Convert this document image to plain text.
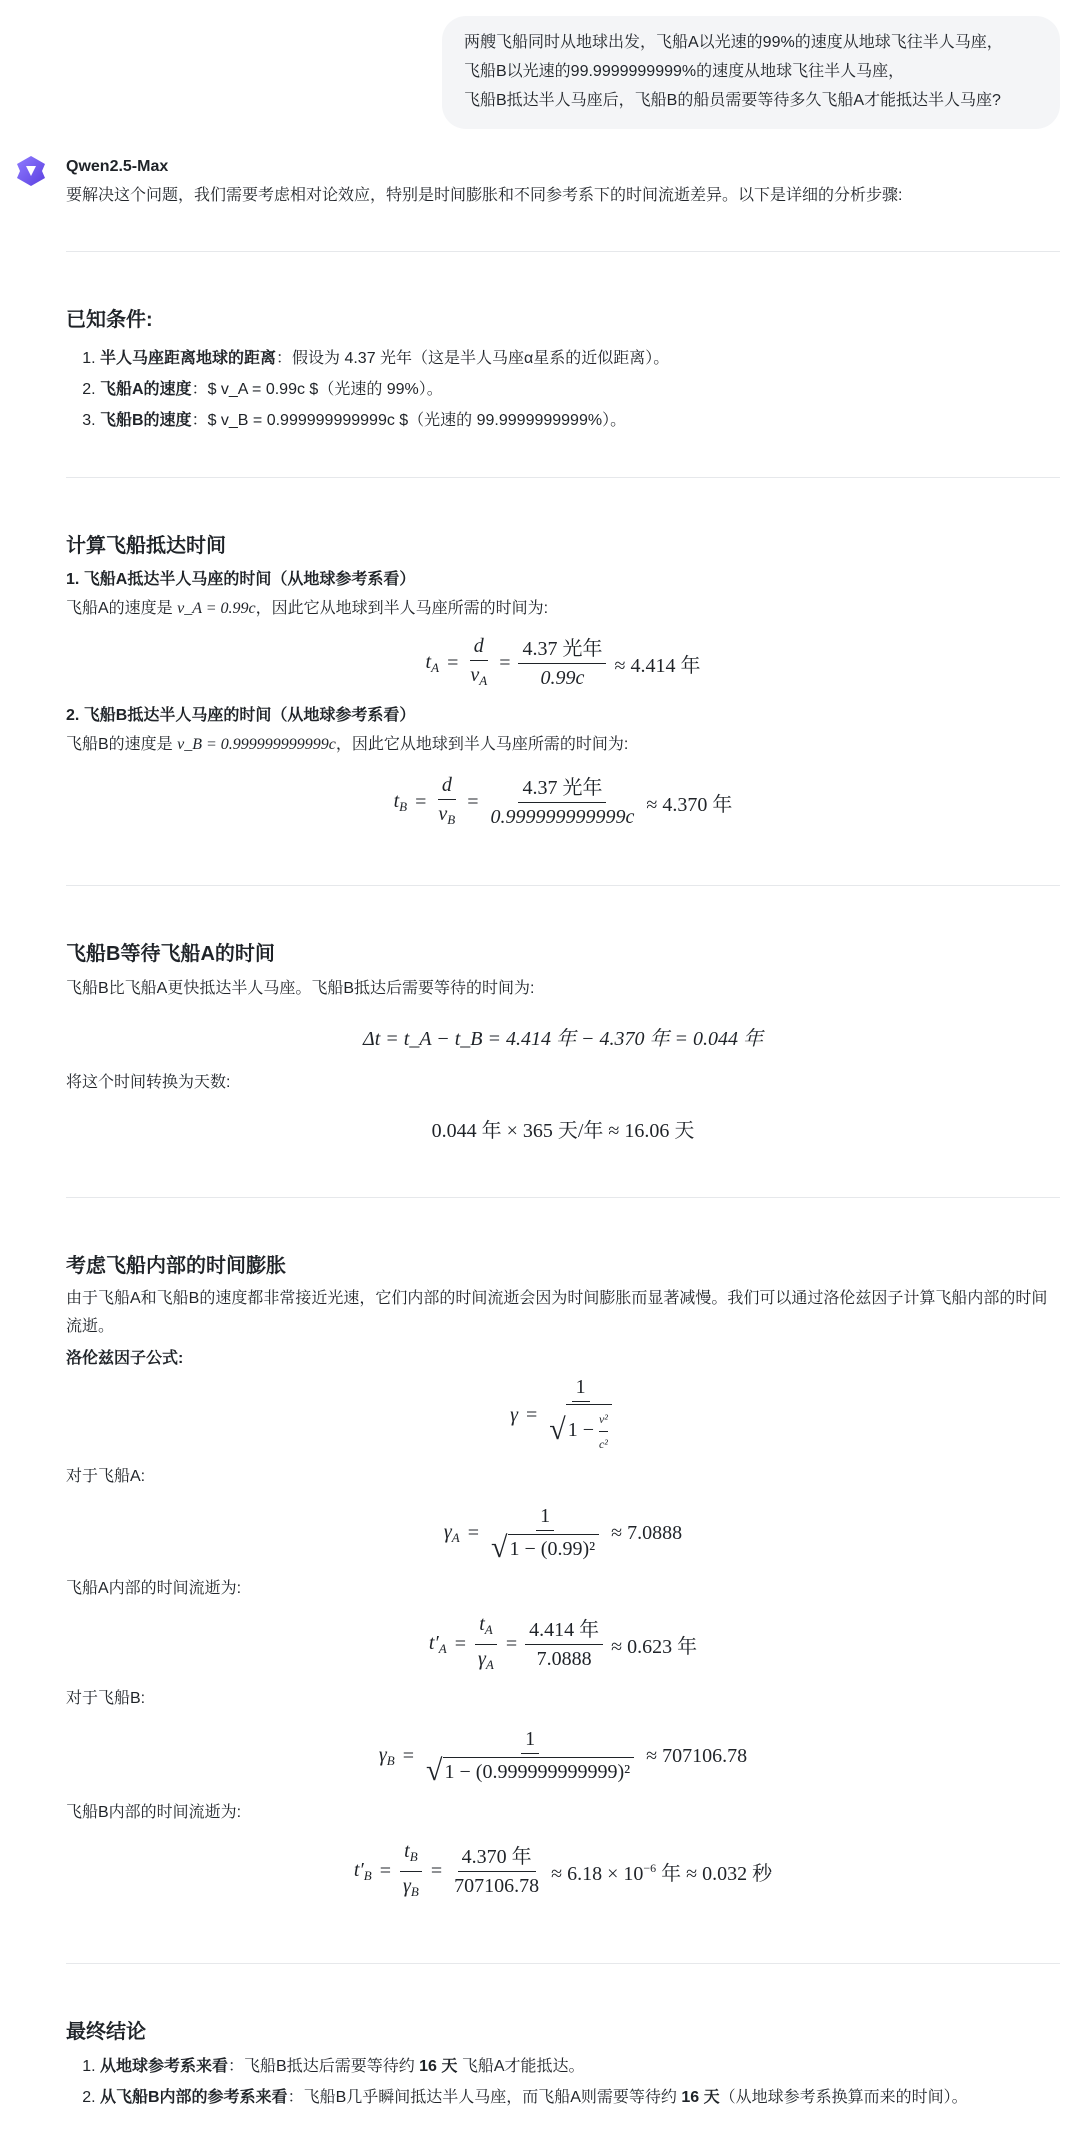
两艘飞船同时从地球出发，飞船A以光速的99%的速度从地球飞往半人马座，
飞船B以光速的99.9999999999%的速度从地球飞往半人马座，
飞船B抵达半人马座后，飞船B的船员需要等待多久飞船A才能抵达半人马座?
Qwen2.5-Max

要解决这个问题，我们需要考虑相对论效应，特别是时间膨胀和不同参考系下的时间流逝差异。以下是详细的分析步骤:

已知条件:
1. 半人马座距离地球的距离：假设为 4.37 光年（这是半人马座α星系的近似距离）。
2. 飞船A的速度：$ v_A = 0.99c $（光速的 99%）。
3. 飞船B的速度：$ v_B = 0.999999999999c $（光速的 99.9999999999%）。
计算飞船抵达时间
1. 飞船A抵达半人马座的时间（从地球参考系看）

飞船A的速度是 v_A = 0.99c，因此它从地球到半人马座所需的时间为:

$t_A = \frac{d}{v_A} = \frac{\text{4.37 光年}}{0.99c} \approx 4.414$ 年
2. 飞船B抵达半人马座的时间（从地球参考系看）

飞船B的速度是 v_B = 0.999999999999c，因此它从地球到半人马座所需的时间为:

$t_B = \frac{d}{v_B} = \frac{\text{4.37 光年}}{0.999999999999c} \approx 4.370$ 年
飞船B等待飞船A的时间

飞船B比飞船A更快抵达半人马座。飞船B抵达后需要等待的时间为:

Δt = t_A − t_B = 4.414 年 − 4.370 年 = 0.044 年

将这个时间转换为天数:

0.044 年 × 365 天/年 ≈ 16.06 天
考虑飞船内部的时间膨胀

由于飞船A和飞船B的速度都非常接近光速，它们内部的时间流逝会因为时间膨胀而显著减慢。我们可以通过洛伦兹因子计算飞船内部的时间流逝。

洛伦兹因子公式:

$\gamma = \frac{1}{√ 1 - \frac{\text{v²}}{\text{c²}}}$

对于飞船A:

$\gamma_A = \frac{1}{\text{√ 1 − (0.99)²}} \approx 7.0888$

飞船A内部的时间流逝为:

$t'_A = \frac{t_A}{\gamma_A} = \frac{\text{4.414 年}}{7.0888} \approx 0.623$ 年

对于飞船B:

$\gamma_B = \frac{1}{\text{√ 1 − (0.999999999999)²}} \approx 707106.78$

飞船B内部的时间流逝为:

$t'_B = \frac{t_B}{\gamma_B} = \frac{\text{4.370 年}}{707106.78} \approx 6.18 \times 10^{-6}$ 年 ≈ 0.032 秒
最终结论
1. 从地球参考系来看：飞船B抵达后需要等待约 16 天 飞船A才能抵达。
2. 从飞船B内部的参考系来看：飞船B几乎瞬间抵达半人马座，而飞船A则需要等待约 16 天（从地球参考系换算而来的时间）。
